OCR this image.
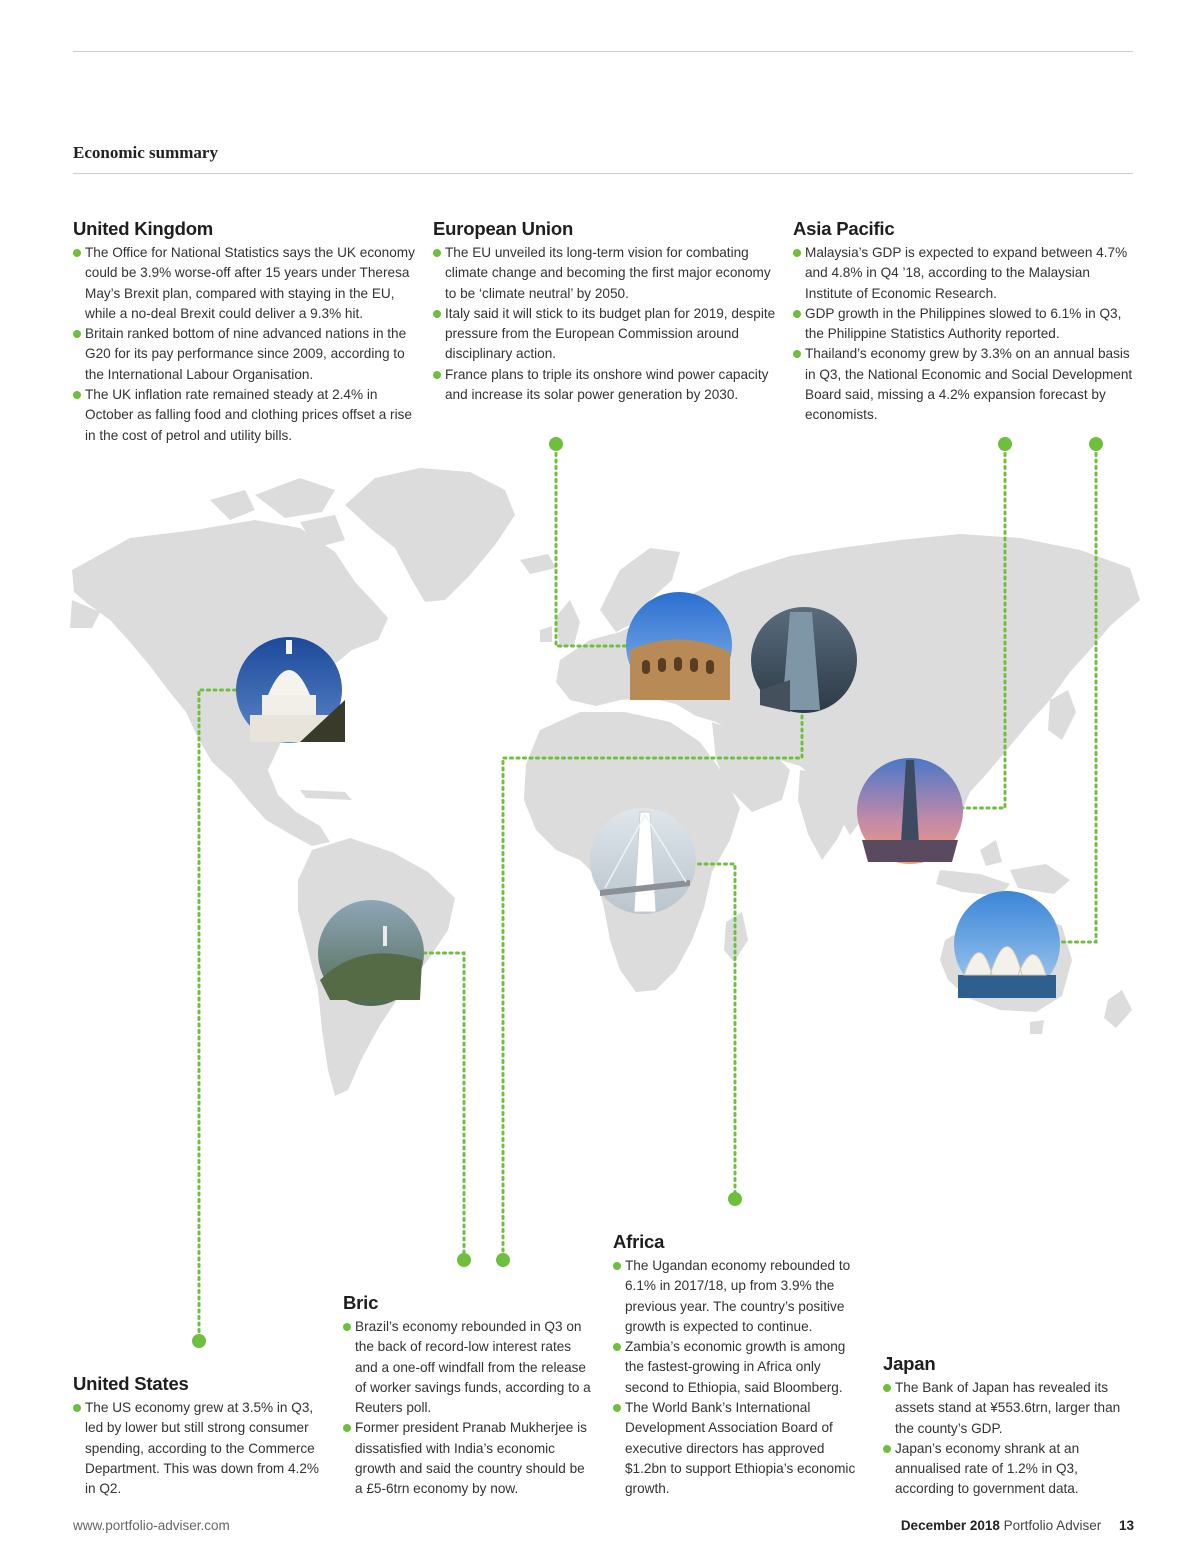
Economic summary
United Kingdom
The Office for National Statistics says the UK economy could be 3.9% worse-off after 15 years under Theresa May’s Brexit plan, compared with staying in the EU, while a no-deal Brexit could deliver a 9.3% hit.
Britain ranked bottom of nine advanced nations in the G20 for its pay performance since 2009, according to the International Labour Organisation.
The UK inflation rate remained steady at 2.4% in October as falling food and clothing prices offset a rise in the cost of petrol and utility bills.
European Union
The EU unveiled its long-term vision for combating climate change and becoming the first major economy to be ‘climate neutral’ by 2050.
Italy said it will stick to its budget plan for 2019, despite pressure from the European Commission around disciplinary action.
France plans to triple its onshore wind power capacity and increase its solar power generation by 2030.
Asia Pacific
Malaysia’s GDP is expected to expand between 4.7% and 4.8% in Q4 ’18, according to the Malaysian Institute of Economic Research.
GDP growth in the Philippines slowed to 6.1% in Q3, the Philippine Statistics Authority reported.
Thailand’s economy grew by 3.3% on an annual basis in Q3, the National Economic and Social Development Board said, missing a 4.2% expansion forecast by economists.
United States
The US economy grew at 3.5% in Q3, led by lower but still strong consumer spending, according to the Commerce Department. This was down from 4.2% in Q2.
Bric
Brazil’s economy rebounded in Q3 on the back of record-low interest rates and a one-off windfall from the release of worker savings funds, according to a Reuters poll.
Former president Pranab Mukherjee is dissatisfied with India’s economic growth and said the country should be a £5-6trn economy by now.
Africa
The Ugandan economy rebounded to 6.1% in 2017/18, up from 3.9% the previous year. The country’s positive growth is expected to continue.
Zambia’s economic growth is among the fastest-growing in Africa only second to Ethiopia, said Bloomberg.
The World Bank’s International Development Association Board of executive directors has approved $1.2bn to support Ethiopia’s economic growth.
Japan
The Bank of Japan has revealed its assets stand at ¥553.6trn, larger than the county’s GDP.
Japan’s economy shrank at an annualised rate of 1.2% in Q3, according to government data.
www.portfolio-adviser.com	December 2018 Portfolio Adviser 13
